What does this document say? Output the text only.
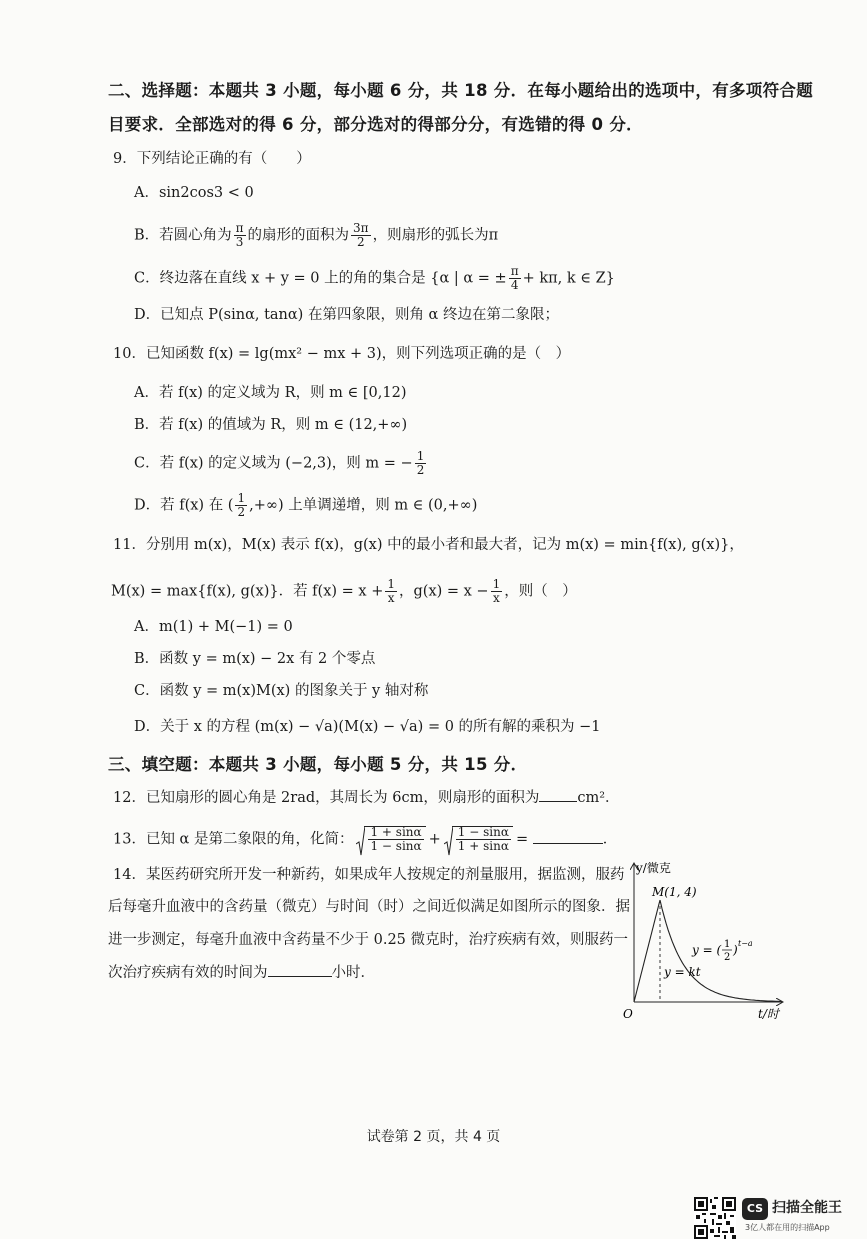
二、选择题：本题共 3 小题，每小题 6 分，共 18 分．在每小题给出的选项中，有多项符合题
目要求．全部选对的得 6 分，部分选对的得部分分，有选错的得 0 分．
9．下列结论正确的有（　　）
A．sin2cos3 < 0
B．若圆心角为 $\frac{\pi}{3}$ 的扇形的面积为 $\frac{3\pi}{2}$ ，则扇形的弧长为π
C．终边落在直线 x + y = 0 上的角的集合是 {α | α = ± $\frac{\pi}{4} + k\pi$, k ∈ Z}
D．已知点 P(sinα, tanα) 在第四象限，则角 α 终边在第二象限；
10．已知函数 f(x) = lg(mx² − mx + 3)，则下列选项正确的是（　）
A．若 f(x) 的定义域为 R，则 m ∈ [0,12)
B．若 f(x) 的值域为 R，则 m ∈ (12,+∞)
C．若 f(x) 的定义域为 (−2,3)，则 m = − $\frac{1}{2}$
D．若 f(x) 在 ( $\frac{1}{2}$ ,+∞) 上单调递增，则 m ∈ (0,+∞)
11．分别用 m(x)，M(x) 表示 f(x)，g(x) 中的最小者和最大者，记为 m(x) = min{f(x), g(x)}，
M(x) = max{f(x), g(x)}．若 $f(x) = x + \frac{1}{x}$ ，$g(x) = x - \frac{1}{x}$ ，则（　）
A．m(1) + M(−1) = 0
B．函数 y = m(x) − 2x 有 2 个零点
C．函数 y = m(x)M(x) 的图象关于 y 轴对称
D．关于 x 的方程 (m(x) − √a)(M(x) − √a) = 0 的所有解的乘积为 −1
三、填空题：本题共 3 小题，每小题 5 分，共 15 分．
12．已知扇形的圆心角是 2rad，其周长为 6cm，则扇形的面积为	cm²．
13．已知 α 是第二象限的角，化简： $\frac{1 + \sin\alpha}{1 - \sin\alpha} + \frac{1 - \sin\alpha}{1 + \sin\alpha}$ =	．
14．某医药研究所开发一种新药，如果成年人按规定的剂量服用，据监测，服药
后每毫升血液中的含药量（微克）与时间（时）之间近似满足如图所示的图象．据
进一步测定，每毫升血液中含药量不少于 0.25 微克时，治疗疾病有效，则服药一
次治疗疾病有效的时间为	小时．
y/微克
t/时
O
M(1, 4)
y = kt
y = ( 1
2
) t−a
试卷第 2 页，共 4 页
CS 扫描全能王
3亿人都在用的扫描App
